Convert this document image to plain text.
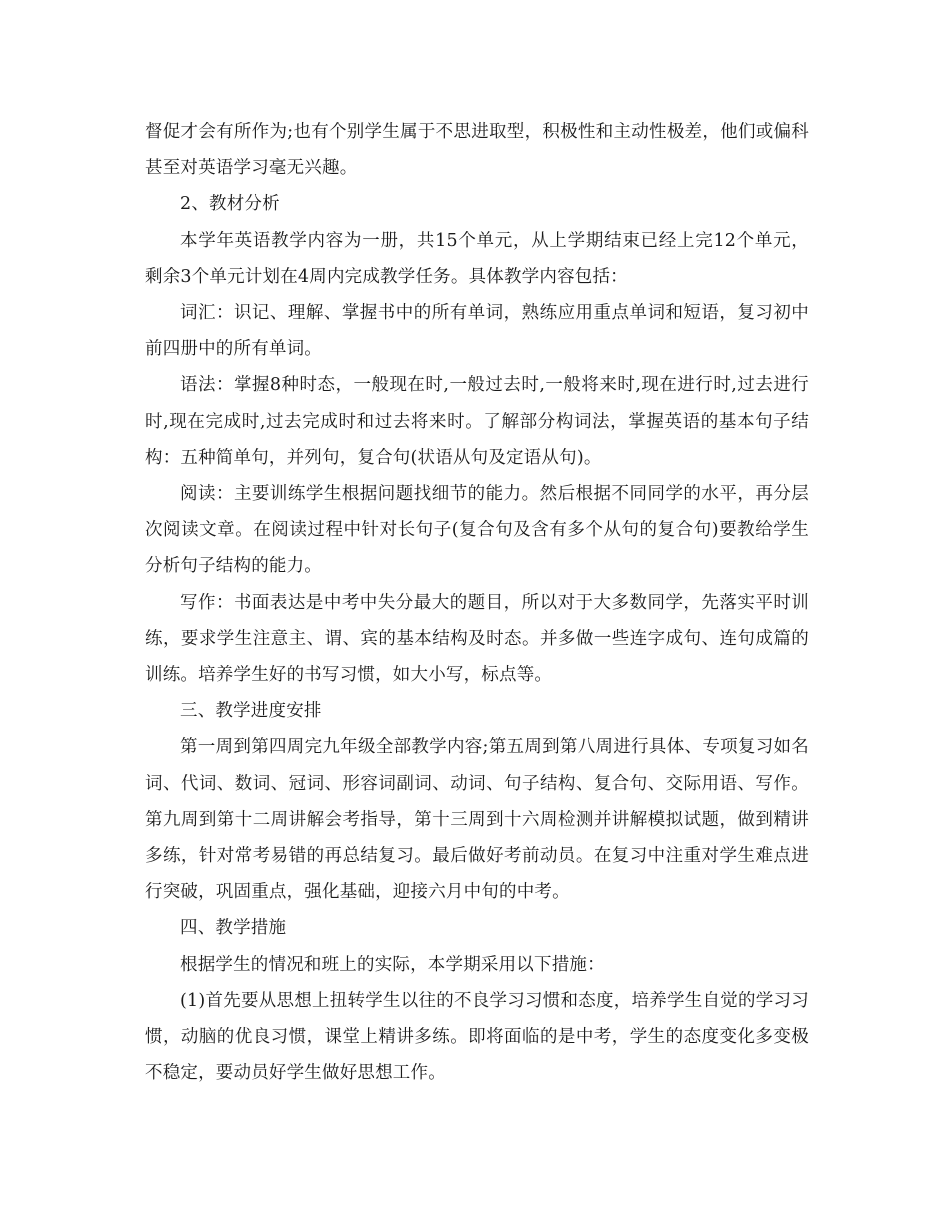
督促才会有所作为;也有个别学生属于不思进取型，积极性和主动性极差，他们或偏科甚至对英语学习毫无兴趣。

2、教材分析

本学年英语教学内容为一册，共15个单元，从上学期结束已经上完12个单元，剩余3个单元计划在4周内完成教学任务。具体教学内容包括：

词汇：识记、理解、掌握书中的所有单词，熟练应用重点单词和短语，复习初中前四册中的所有单词。

语法：掌握8种时态，一般现在时,一般过去时,一般将来时,现在进行时,过去进行时,现在完成时,过去完成时和过去将来时。了解部分构词法，掌握英语的基本句子结构：五种简单句，并列句，复合句(状语从句及定语从句)。

阅读：主要训练学生根据问题找细节的能力。然后根据不同同学的水平，再分层次阅读文章。在阅读过程中针对长句子(复合句及含有多个从句的复合句)要教给学生分析句子结构的能力。

写作：书面表达是中考中失分最大的题目，所以对于大多数同学，先落实平时训练，要求学生注意主、谓、宾的基本结构及时态。并多做一些连字成句、连句成篇的训练。培养学生好的书写习惯，如大小写，标点等。

三、教学进度安排

第一周到第四周完九年级全部教学内容;第五周到第八周进行具体、专项复习如名词、代词、数词、冠词、形容词副词、动词、句子结构、复合句、交际用语、写作。第九周到第十二周讲解会考指导，第十三周到十六周检测并讲解模拟试题，做到精讲多练，针对常考易错的再总结复习。最后做好考前动员。在复习中注重对学生难点进行突破，巩固重点，强化基础，迎接六月中旬的中考。

四、教学措施

根据学生的情况和班上的实际，本学期采用以下措施：

(1)首先要从思想上扭转学生以往的不良学习习惯和态度，培养学生自觉的学习习惯，动脑的优良习惯，课堂上精讲多练。即将面临的是中考，学生的态度变化多变极不稳定，要动员好学生做好思想工作。
